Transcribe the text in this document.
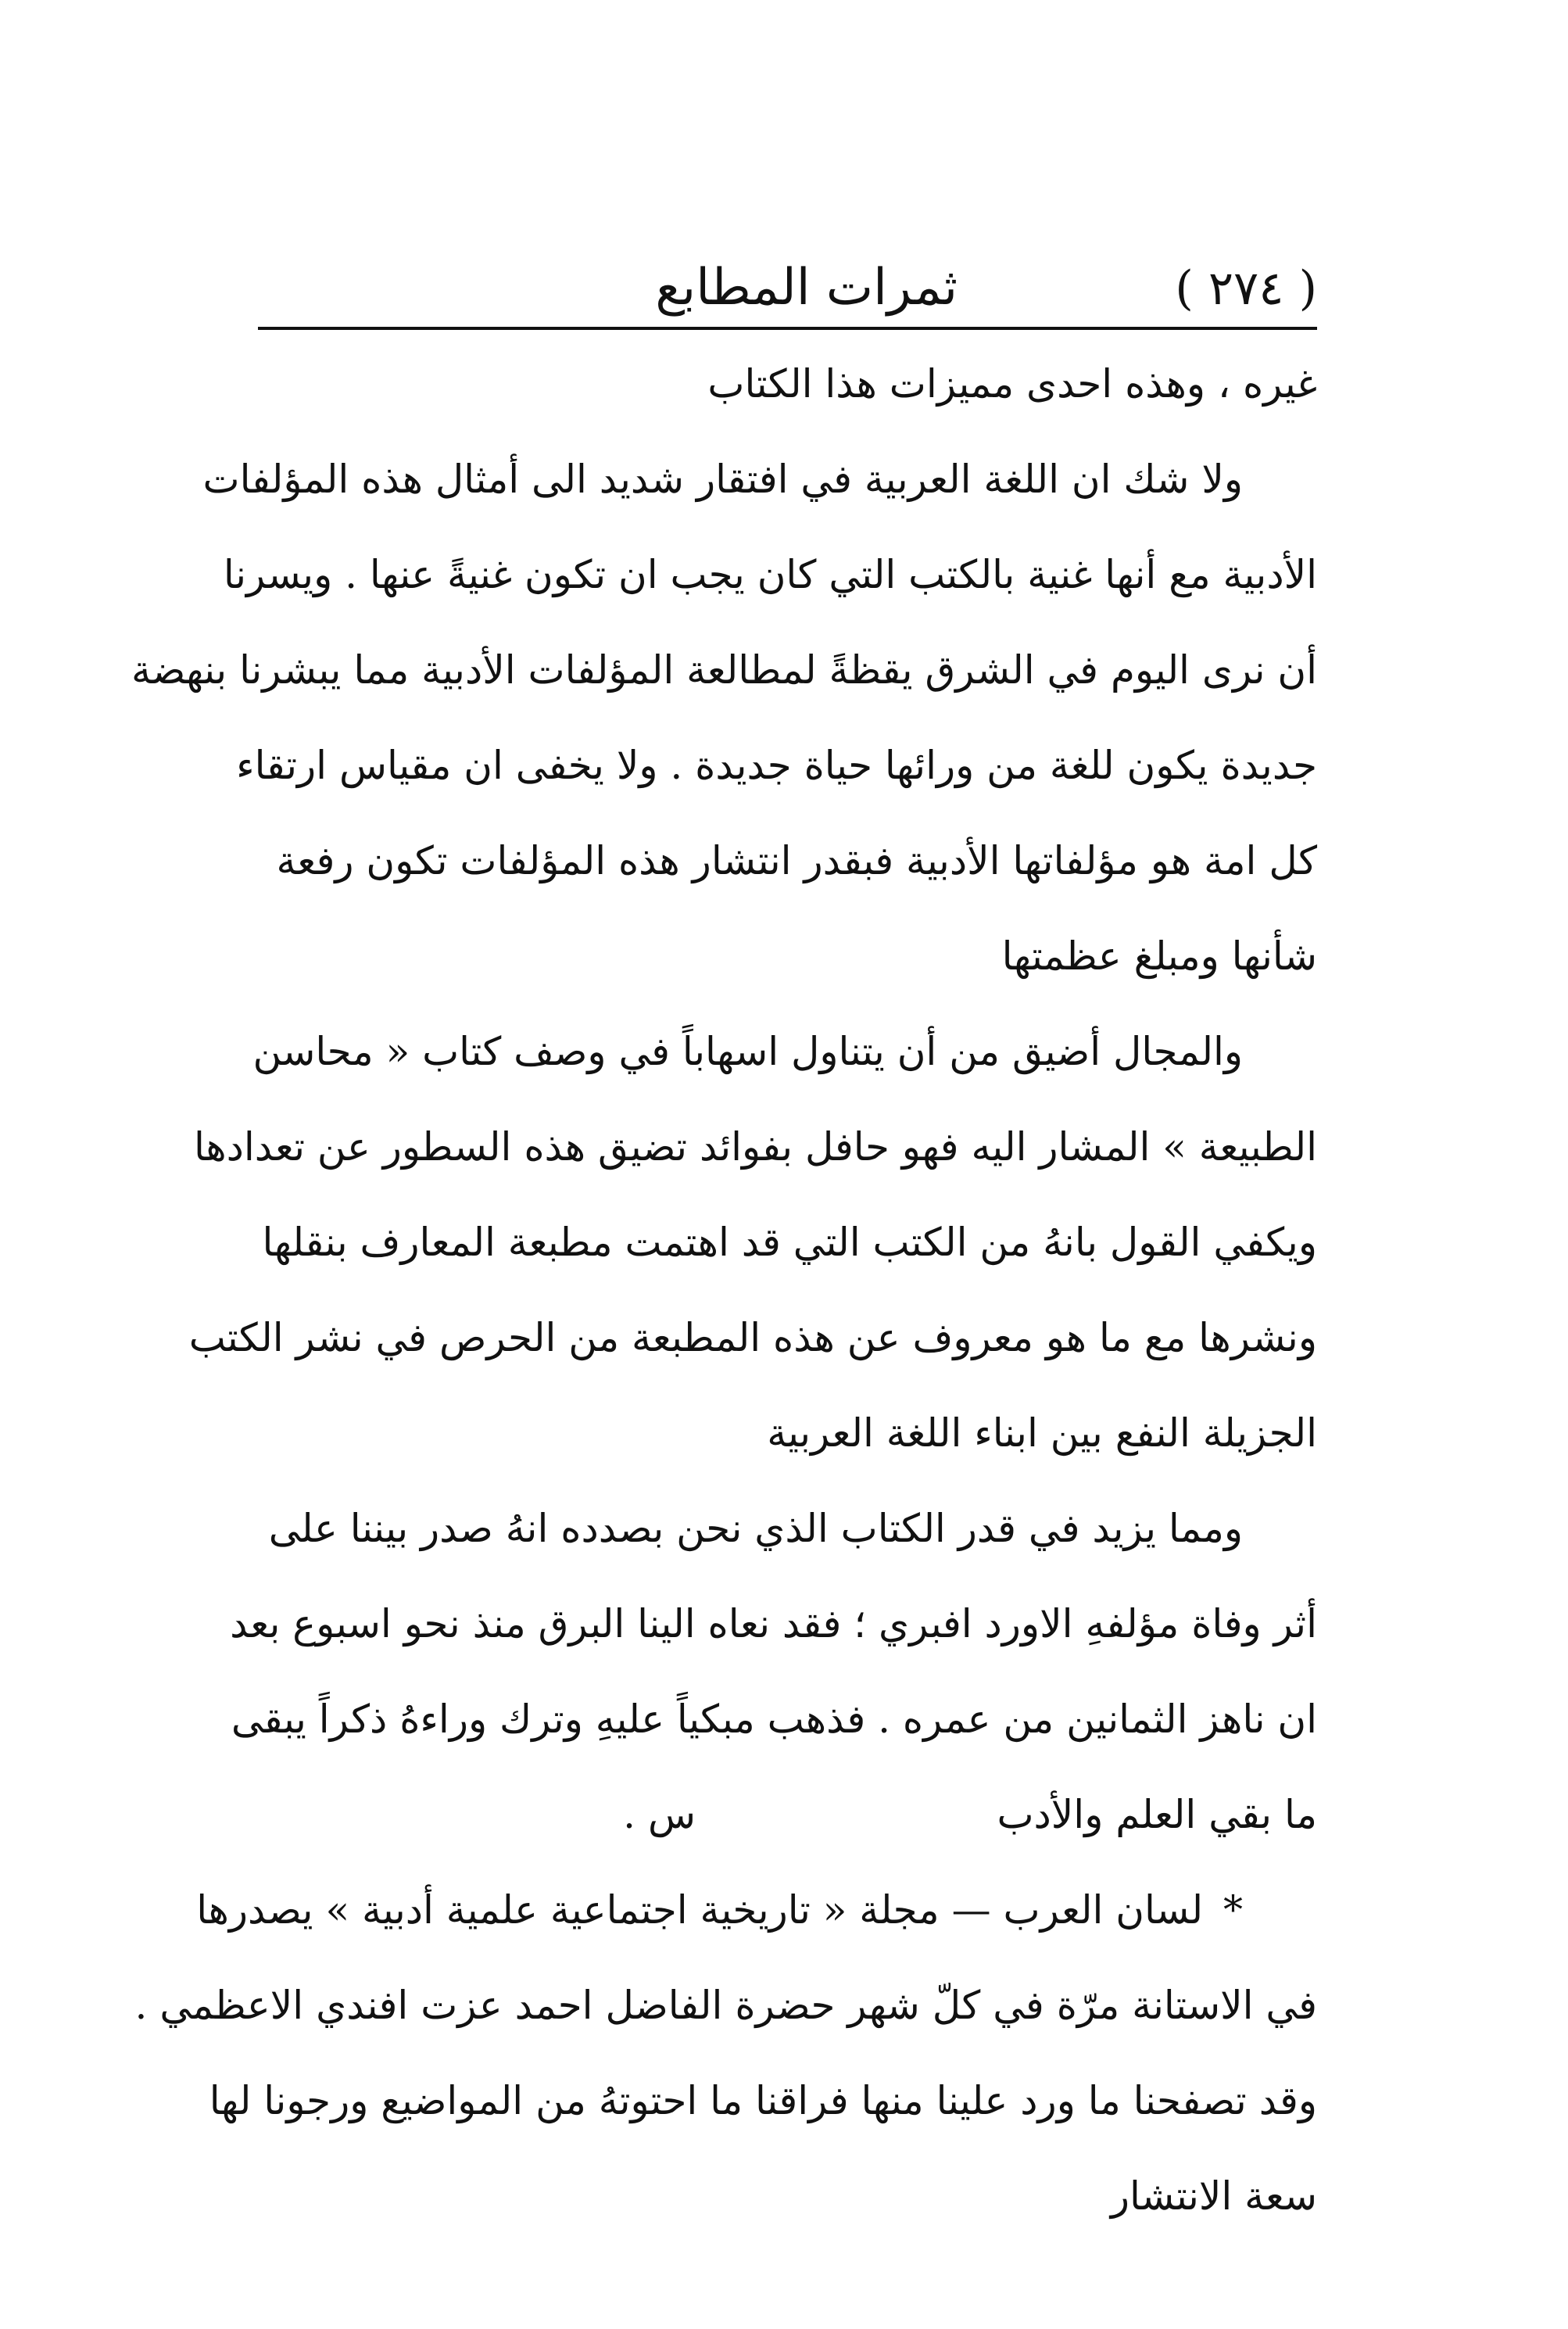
( ٢٧٤ )
ثمرات المطابع
غيره ، وهذه احدى مميزات هذا الكتاب
ولا شك ان اللغة العربية في افتقار شديد الى أمثال هذه المؤلفات
الأدبية مع أنها غنية بالكتب التي كان يجب ان تكون غنيةً عنها . ويسرنا
أن نرى اليوم في الشرق يقظةً لمطالعة المؤلفات الأدبية مما يبشرنا بنهضة
جديدة يكون للغة من ورائها حياة جديدة . ولا يخفى ان مقياس ارتقاء
كل امة هو مؤلفاتها الأدبية فبقدر انتشار هذه المؤلفات تكون رفعة
شأنها ومبلغ عظمتها
والمجال أضيق من أن يتناول اسهاباً في وصف كتاب « محاسن
الطبيعة » المشار اليه فهو حافل بفوائد تضيق هذه السطور عن تعدادها
ويكفي القول بانهُ من الكتب التي قد اهتمت مطبعة المعارف بنقلها
ونشرها مع ما هو معروف عن هذه المطبعة من الحرص في نشر الكتب
الجزيلة النفع بين ابناء اللغة العربية
ومما يزيد في قدر الكتاب الذي نحن بصدده انهُ صدر بيننا على
أثر وفاة مؤلفهِ الاورد افبري ؛ فقد نعاه الينا البرق منذ نحو اسبوع بعد
ان ناهز الثمانين من عمره . فذهب مبكياً عليهِ وترك وراءهُ ذكراً يبقى
ما بقي العلم والأدب
س .
* لسان العرب — مجلة « تاريخية اجتماعية علمية أدبية » يصدرها
في الاستانة مرّة في كلّ شهر حضرة الفاضل احمد عزت افندي الاعظمي .
وقد تصفحنا ما ورد علينا منها فراقنا ما احتوتهُ من المواضيع ورجونا لها
سعة الانتشار
